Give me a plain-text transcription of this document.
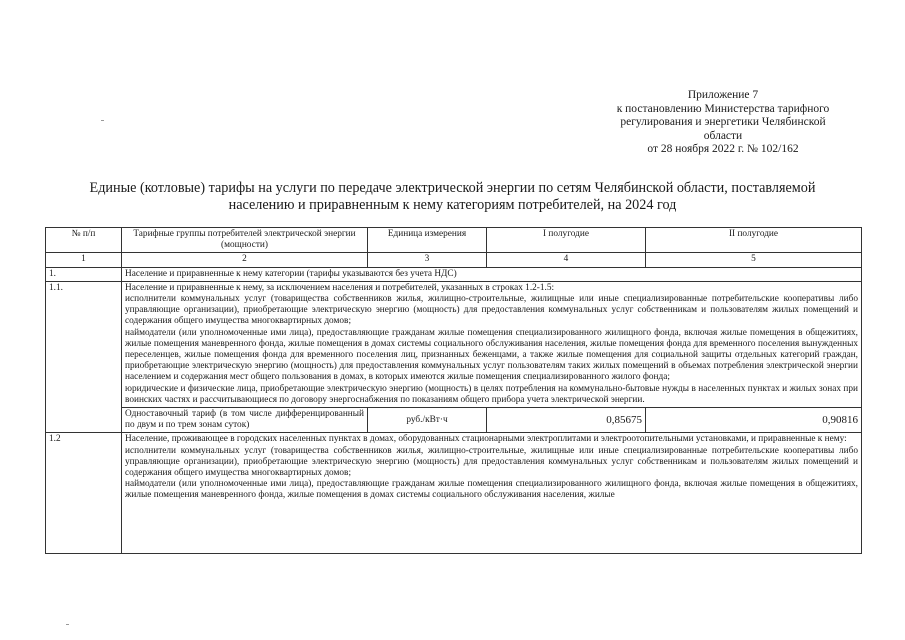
Приложение 7
к постановлению Министерства тарифного
регулирования и энергетики Челябинской
области
от 28 ноября 2022 г. № 102/162
Единые (котловые) тарифы на услуги по передаче электрической энергии по сетям Челябинской области, поставляемой
населению и приравненным к нему категориям потребителей, на 2024 год
№ п/п	Тарифные группы потребителей электрической энергии (мощности)	Единица измерения	I полугодие	II полугодие
1	2	3	4	5
1.	Население и приравненные к нему категории (тарифы указываются без учета НДС)			
1.1.	Население и приравненные к нему, за исключением населения и потребителей, указанных в строках 1.2-1.5:
исполнители коммунальных услуг (товарищества собственников жилья, жилищно-строительные, жилищные или иные специализированные потребительские кооперативы либо управляющие организации), приобретающие электрическую энергию (мощность) для предоставления коммунальных услуг собственникам и пользователям жилых помещений и содержания общего имущества многоквартирных домов;
наймодатели (или уполномоченные ими лица), предоставляющие гражданам жилые помещения специализированного жилищного фонда, включая жилые помещения в общежитиях, жилые помещения маневренного фонда, жилые помещения в домах системы социального обслуживания населения, жилые помещения фонда для временного поселения вынужденных переселенцев, жилые помещения фонда для временного поселения лиц, признанных беженцами, а также жилые помещения для социальной защиты отдельных категорий граждан, приобретающие электрическую энергию (мощность) для предоставления коммунальных услуг пользователям таких жилых помещений в объемах потребления электрической энергии населением и содержания мест общего пользования в домах, в которых имеются жилые помещения специализированного жилого фонда;
юридические и физические лица, приобретающие электрическую энергию (мощность) в целях потребления на коммунально-бытовые нужды в населенных пунктах и жилых зонах при воинских частях и рассчитывающиеся по договору энергоснабжения по показаниям общего прибора учета электрической энергии.			

	Одноставочный тариф (в том числе дифференцированный по двум и по трем зонам суток)	руб./кВт·ч	0,85675	0,90816
1.2	Население, проживающее в городских населенных пунктах в домах, оборудованных стационарными электроплитами и электроотопительными установками, и приравненные к нему:
исполнители коммунальных услуг (товарищества собственников жилья, жилищно-строительные, жилищные или иные специализированные потребительские кооперативы либо управляющие организации), приобретающие электрическую энергию (мощность) для предоставления коммунальных услуг собственникам и пользователям жилых помещений и содержания общего имущества многоквартирных домов;
наймодатели (или уполномоченные ими лица), предоставляющие гражданам жилые помещения специализированного жилищного фонда, включая жилые помещения в общежитиях, жилые помещения маневренного фонда, жилые помещения в домах системы социального обслуживания населения, жилые			
